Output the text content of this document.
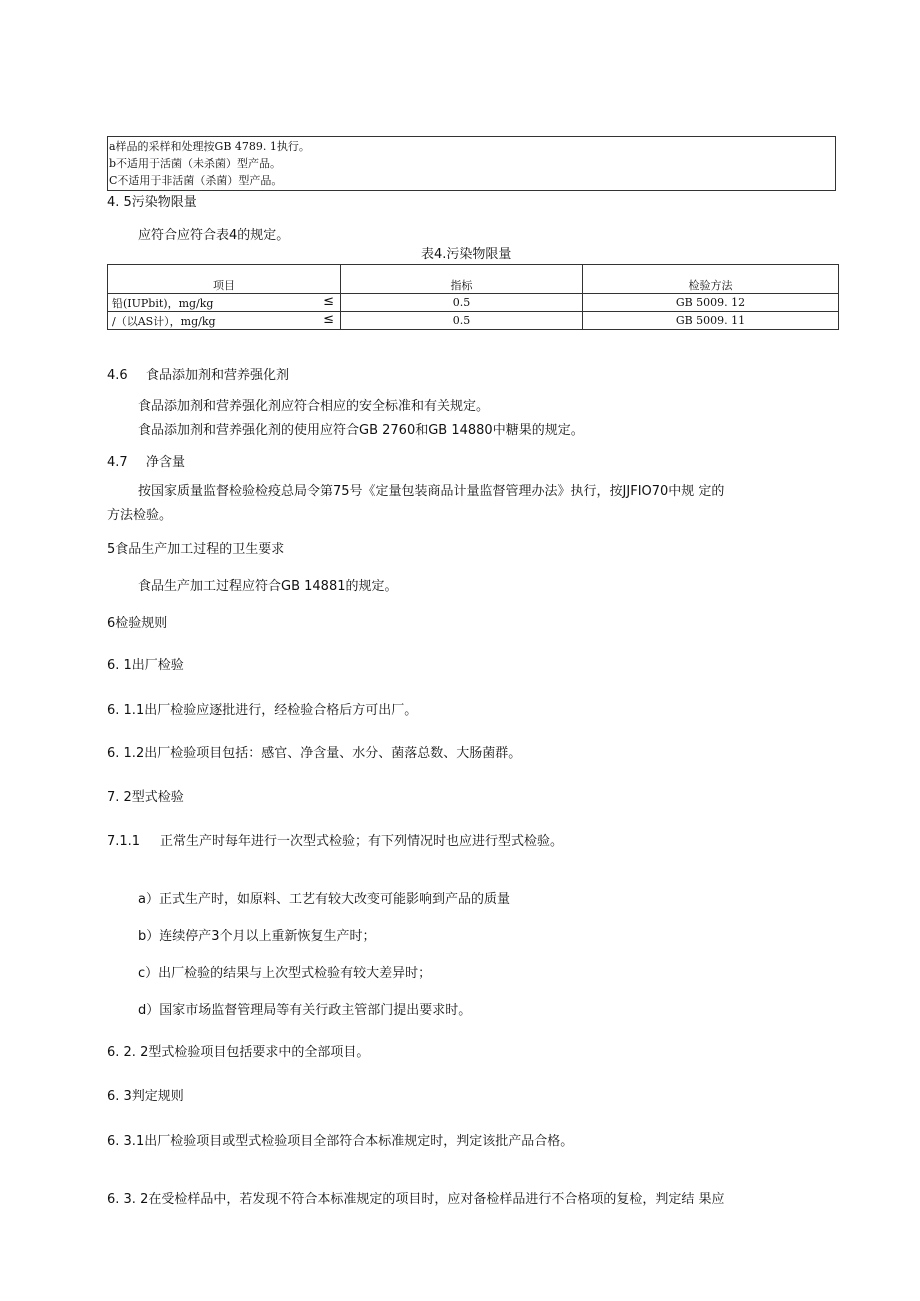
a样品的采样和处理按GB 4789. 1执行。
b不适用于活菌（未杀菌）型产品。
C不适用于非活菌（杀菌）型产品。
4. 5污染物限量
应符合应符合表4的规定。
表4.污染物限量
项目	指标	检验方法
铅(IUPbit)，mg/kg ≤	0.5	GB 5009. 12
/（以AS计），mg/kg ≤	0.5	GB 5009. 11
4.6 食品添加剂和营养强化剂
食品添加剂和营养强化剂应符合相应的安全标准和有关规定。
食品添加剂和营养强化剂的使用应符合GB 2760和GB 14880中糖果的规定。
4.7 净含量
按国家质量监督检验检疫总局令第75号《定量包装商品计量监督管理办法》执行，按JJFIO70中规 定的
方法检验。
5食品生产加工过程的卫生要求
食品生产加工过程应符合GB 14881的规定。
6检验规则
6. 1出厂检验
6. 1.1出厂检验应逐批进行，经检验合格后方可出厂。
6. 1.2出厂检验项目包括：感官、净含量、水分、菌落总数、大肠菌群。
7. 2型式检验
7.1.1 正常生产时每年进行一次型式检验；有下列情况时也应进行型式检验。
a）正式生产时，如原料、工艺有较大改变可能影响到产品的质量
b）连续停产3个月以上重新恢复生产时；
c）出厂检验的结果与上次型式检验有较大差异时；
d）国家市场监督管理局等有关行政主管部门提出要求时。
6. 2. 2型式检验项目包括要求中的全部项目。
6. 3判定规则
6. 3.1出厂检验项目或型式检验项目全部符合本标准规定时，判定该批产品合格。
6. 3. 2在受检样品中，若发现不符合本标准规定的项目时，应对备检样品进行不合格项的复检，判定结 果应
